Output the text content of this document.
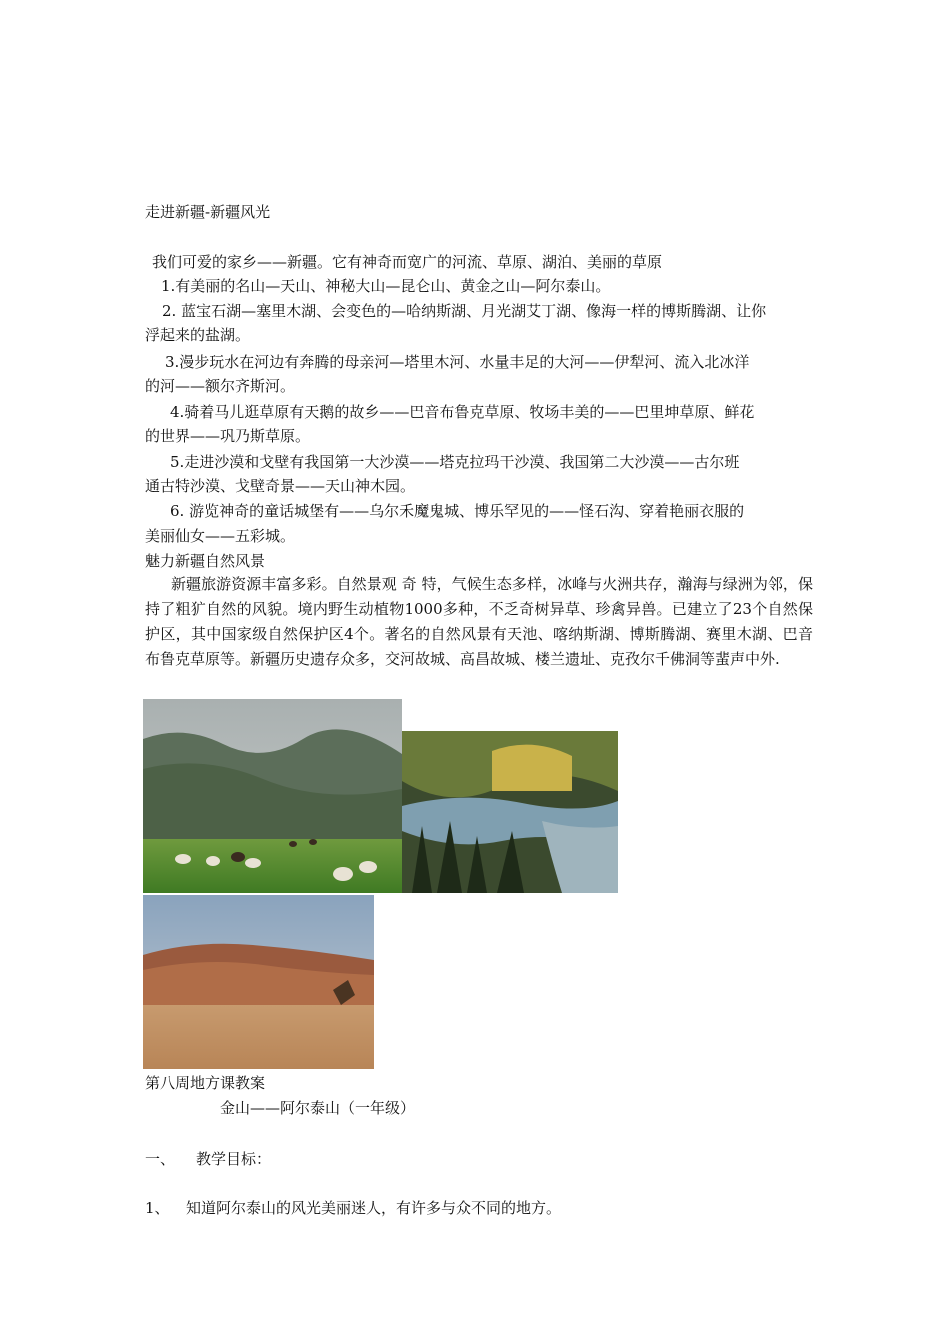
走进新疆-新疆风光
我们可爱的家乡——新疆。它有神奇而宽广的河流、草原、湖泊、美丽的草原
1.有美丽的名山—天山、神秘大山—昆仑山、黄金之山—阿尔泰山。
2. 蓝宝石湖—塞里木湖、会变色的—哈纳斯湖、月光湖艾丁湖、像海一样的博斯腾湖、让你
浮起来的盐湖。
3.漫步玩水在河边有奔腾的母亲河—塔里木河、水量丰足的大河——伊犁河、流入北冰洋
的河——额尔齐斯河。
4.骑着马儿逛草原有天鹅的故乡——巴音布鲁克草原、牧场丰美的——巴里坤草原、鲜花
的世界——巩乃斯草原。
5.走进沙漠和戈壁有我国第一大沙漠——塔克拉玛干沙漠、我国第二大沙漠——古尔班
通古特沙漠、戈壁奇景——天山神木园。
6. 游览神奇的童话城堡有——乌尔禾魔鬼城、博乐罕见的——怪石沟、穿着艳丽衣服的
美丽仙女——五彩城。
魅力新疆自然风景
新疆旅游资源丰富多彩。自然景观 奇 特，气候生态多样，冰峰与火洲共存，瀚海与绿洲为邻，保持了粗犷自然的风貌。境内野生动植物1000多种，不乏奇树异草、珍禽异兽。已建立了23个自然保护区，其中国家级自然保护区4个。著名的自然风景有天池、喀纳斯湖、博斯腾湖、赛里木湖、巴音布鲁克草原等。新疆历史遗存众多，交河故城、高昌故城、楼兰遗址、克孜尔千佛洞等蜚声中外.
第八周地方课教案
金山——阿尔泰山（一年级）
一、 教学目标：
1、 知道阿尔泰山的风光美丽迷人，有许多与众不同的地方。
